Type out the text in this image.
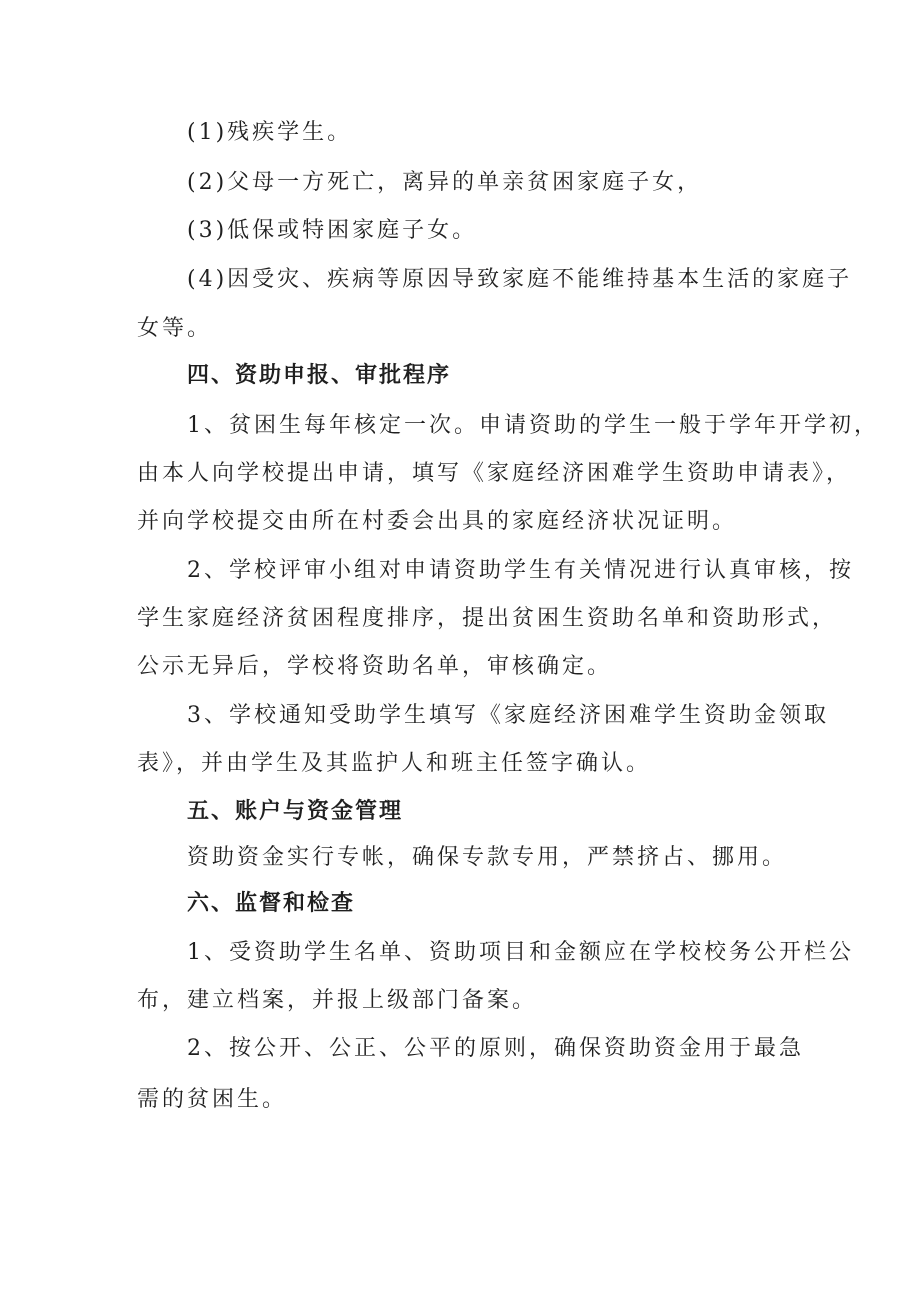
(1)残疾学生。
(2)父母一方死亡，离异的单亲贫困家庭子女，
(3)低保或特困家庭子女。
(4)因受灾、疾病等原因导致家庭不能维持基本生活的家庭子
女等。
四、资助申报、审批程序
1、贫困生每年核定一次。申请资助的学生一般于学年开学初，
由本人向学校提出申请，填写《家庭经济困难学生资助申请表》，
并向学校提交由所在村委会出具的家庭经济状况证明。
2、学校评审小组对申请资助学生有关情况进行认真审核，按
学生家庭经济贫困程度排序，提出贫困生资助名单和资助形式，
公示无异后，学校将资助名单，审核确定。
3、学校通知受助学生填写《家庭经济困难学生资助金领取
表》，并由学生及其监护人和班主任签字确认。
五、账户与资金管理
资助资金实行专帐，确保专款专用，严禁挤占、挪用。
六、监督和检查
1、受资助学生名单、资助项目和金额应在学校校务公开栏公
布，建立档案，并报上级部门备案。
2、按公开、公正、公平的原则，确保资助资金用于最急
需的贫困生。
